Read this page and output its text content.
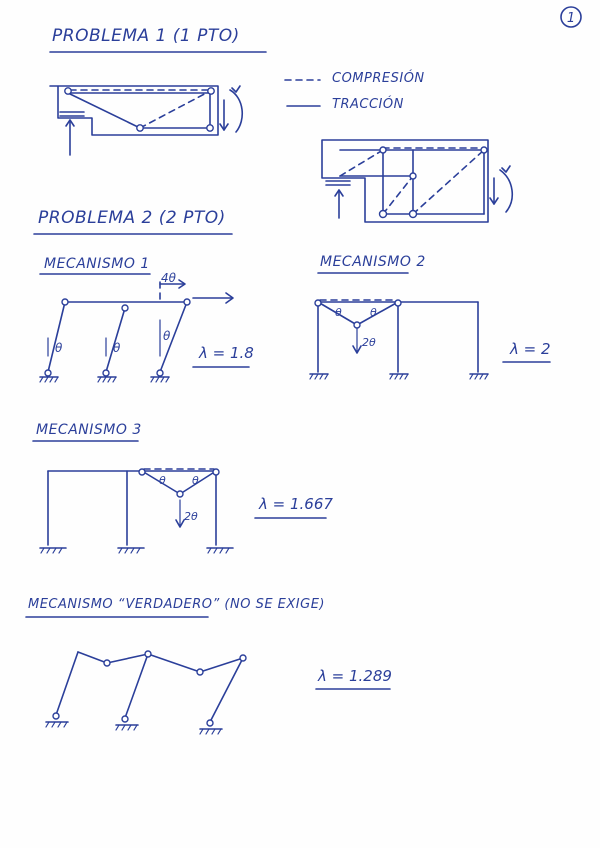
1
PROBLEMA 1 (1 PTO)
COMPRESIÓN
TRACCIÓN
PROBLEMA 2 (2 PTO)
MECANISMO 1
4θ
θ	θ
θ
λ = 1.8
MECANISMO 2
θ	θ
2θ	λ = 2
MECANISMO 3
θ θ
2θ
λ = 1.667
MECANISMO “VERDADERO” (NO SE EXIGE)
λ = 1.289
